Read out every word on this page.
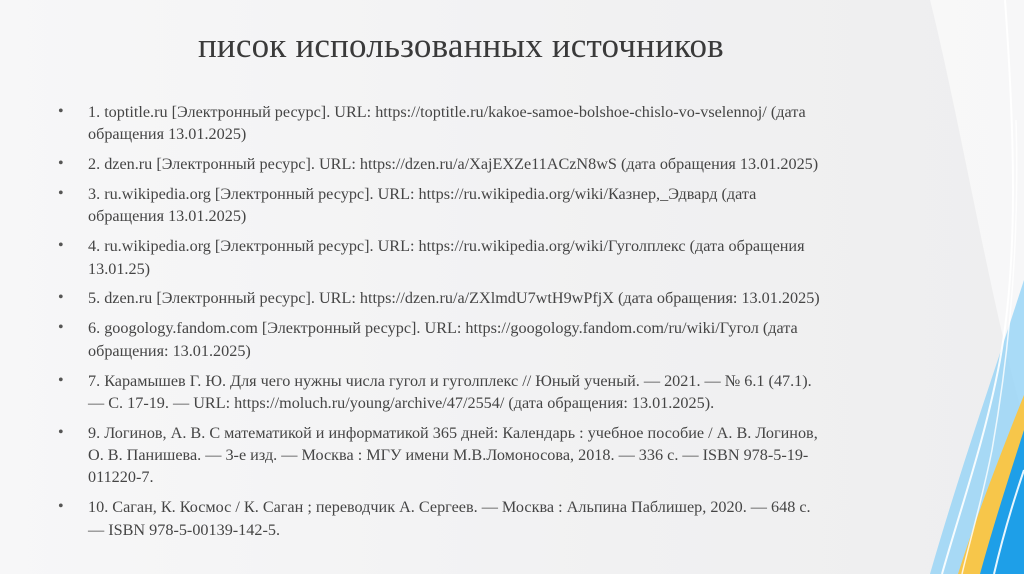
писок использованных источников
•	1. toptitle.ru [Электронный ресурс]. URL: https://toptitle.ru/kakoe-samoe-bolshoe-chislo-vo-vselennoj/ (дата
обращения 13.01.2025)
•	2. dzen.ru [Электронный ресурс]. URL: https://dzen.ru/a/XajEXZe11ACzN8wS (дата обращения 13.01.2025)
•	3. ru.wikipedia.org [Электронный ресурс]. URL: https://ru.wikipedia.org/wiki/Казнер,_Эдвард (дата
обращения 13.01.2025)
•	4. ru.wikipedia.org [Электронный ресурс]. URL: https://ru.wikipedia.org/wiki/Гуголплекс (дата обращения
13.01.25)
•	5. dzen.ru [Электронный ресурс]. URL: https://dzen.ru/a/ZXlmdU7wtH9wPfjX (дата обращения: 13.01.2025)
•	6. googology.fandom.com [Электронный ресурс]. URL: https://googology.fandom.com/ru/wiki/Гугол (дата
обращения: 13.01.2025)
•	7. Карамышев Г. Ю. Для чего нужны числа гугол и гуголплекс // Юный ученый. — 2021. — № 6.1 (47.1).
— С. 17-19. — URL: https://moluch.ru/young/archive/47/2554/ (дата обращения: 13.01.2025).
•	9. Логинов, А. В. С математикой и информатикой 365 дней: Календарь : учебное пособие / А. В. Логинов,
О. В. Панишева. — 3-е изд. — Москва : МГУ имени М.В.Ломоносова, 2018. — 336 с. — ISBN 978-5-19-
011220-7.
•	10. Саган, К. Космос / К. Саган ; переводчик А. Сергеев. — Москва : Альпина Паблишер, 2020. — 648 с.
— ISBN 978-5-00139-142-5.
